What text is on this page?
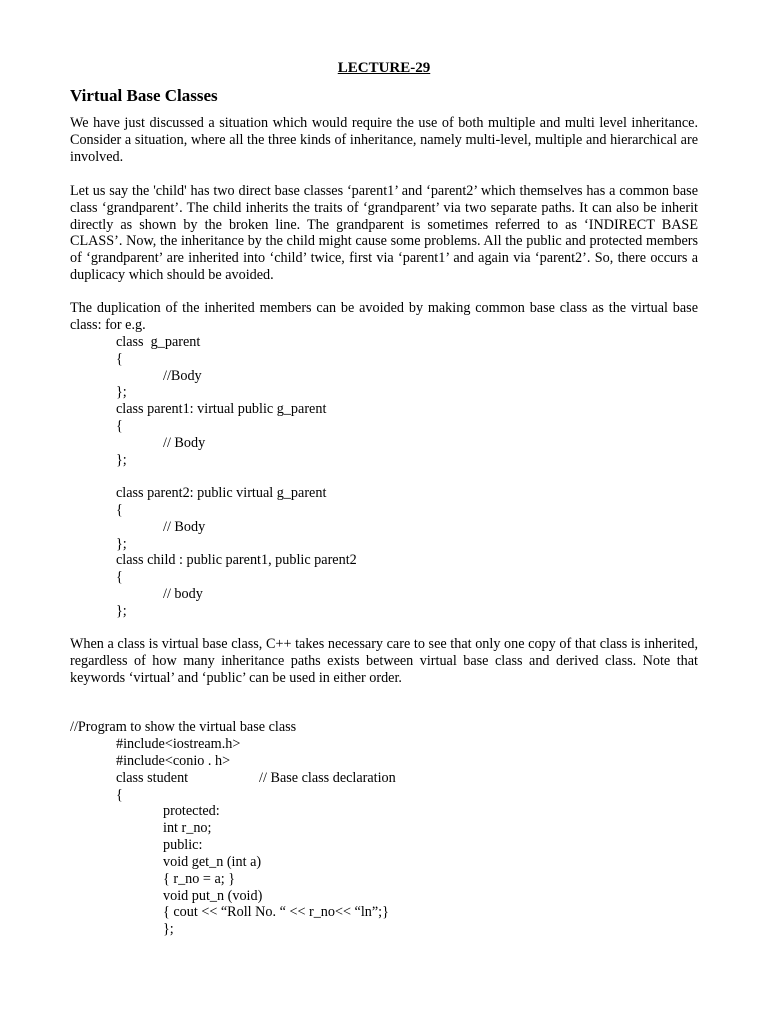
LECTURE-29
Virtual Base Classes

We have just discussed a situation which would require the use of both multiple and multi level inheritance. Consider a situation, where all the three kinds of inheritance, namely multi-level, multiple and hierarchical are involved.

Let us say the 'child' has two direct base classes ‘parent1’ and ‘parent2’ which themselves has a common base class ‘grandparent’. The child inherits the traits of ‘grandparent’ via two separate paths. It can also be inherit directly as shown by the broken line. The grandparent is sometimes referred to as ‘INDIRECT BASE CLASS’. Now, the inheritance by the child might cause some problems. All the public and protected members of ‘grandparent’ are inherited into ‘child’ twice, first via ‘parent1’ and again via ‘parent2’. So, there occurs a duplicacy which should be avoided.

The duplication of the inherited members can be avoided by making common base class as the virtual base class: for e.g.

class  g_parent
{
//Body
};
class parent1: virtual public g_parent
{
// Body
};
class parent2: public virtual g_parent
{
// Body
};
class child : public parent1, public parent2
{
// body
};

When a class is virtual base class, C++ takes necessary care to see that only one copy of that class is inherited, regardless of how many inheritance paths exists between virtual base class and derived class. Note that keywords ‘virtual’ and ‘public’ can be used in either order.

//Program to show the virtual base class

#include<iostream.h>
#include<conio . h>
class student                    // Base class declaration
{
protected:
int r_no;
public:
void get_n (int a)
{ r_no = a; }
void put_n (void)
{ cout << “Roll No. “ << r_no<< “ln”;}
};
